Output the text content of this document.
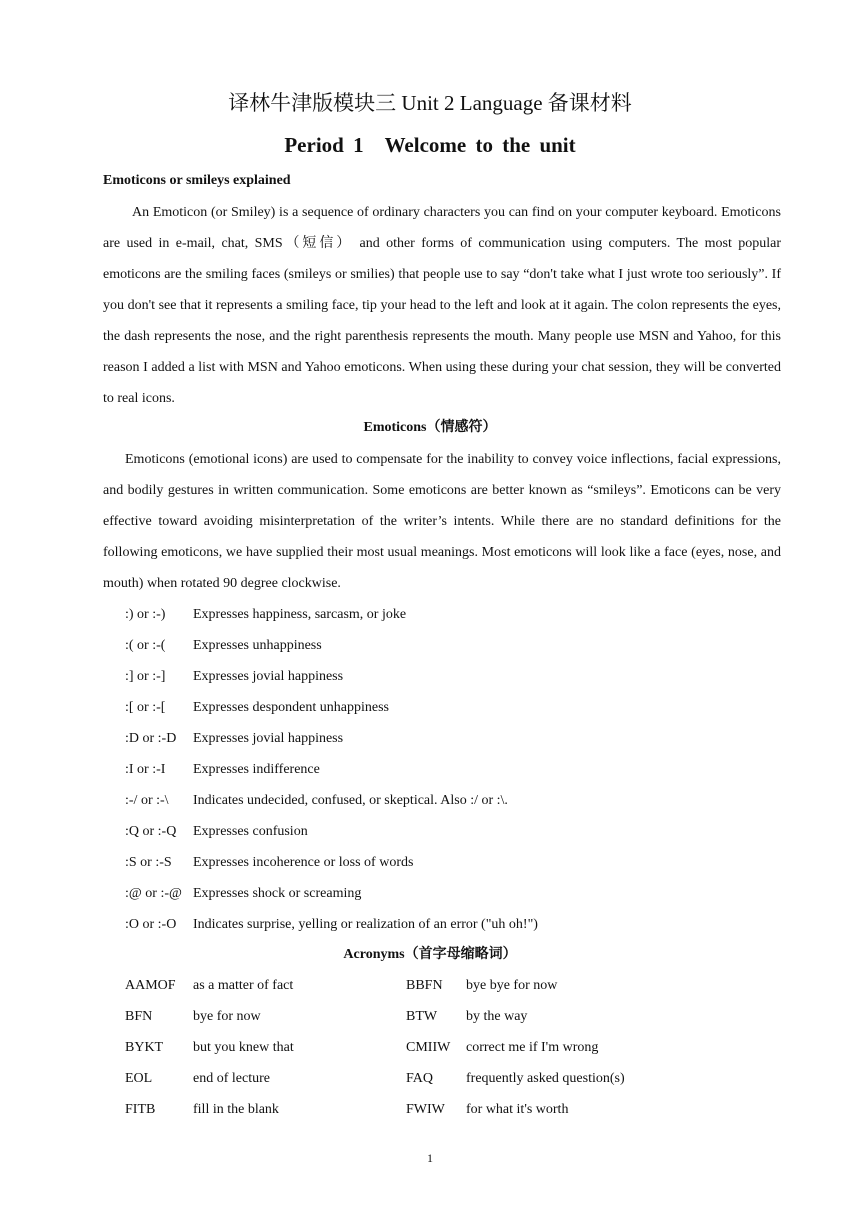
译林牛津版模块三 Unit 2 Language 备课材料
Period 1　Welcome to the unit
Emoticons or smileys explained

An Emoticon (or Smiley) is a sequence of ordinary characters you can find on your computer keyboard. Emoticons are used in e-mail, chat, SMS（短信） and other forms of communication using computers. The most popular emoticons are the smiling faces (smileys or smilies) that people use to say “don't take what I just wrote too seriously”. If you don't see that it represents a smiling face, tip your head to the left and look at it again. The colon represents the eyes, the dash represents the nose, and the right parenthesis represents the mouth. Many people use MSN and Yahoo, for this reason I added a list with MSN and Yahoo emoticons. When using these during your chat session, they will be converted to real icons.

Emoticons（情感符）

Emoticons (emotional icons) are used to compensate for the inability to convey voice inflections, facial expressions, and bodily gestures in written communication. Some emoticons are better known as “smileys”. Emoticons can be very effective toward avoiding misinterpretation of the writer’s intents. While there are no standard definitions for the following emoticons, we have supplied their most usual meanings. Most emoticons will look like a face (eyes, nose, and mouth) when rotated 90 degree clockwise.

:) or :-)	Expresses happiness, sarcasm, or joke
:( or :-(	Expresses unhappiness
:] or :-]	Expresses jovial happiness
:[ or :-[	Expresses despondent unhappiness
:D or :-D	Expresses jovial happiness
:I or :-I	Expresses indifference
:-/ or :-\	Indicates undecided, confused, or skeptical. Also :/ or :\.
:Q or :-Q	Expresses confusion
:S or :-S	Expresses incoherence or loss of words
:@ or :-@ Expresses shock or screaming
:O or :-O	Indicates surprise, yelling or realization of an error ("uh oh!")
Acronyms（首字母缩略词）
AAMOF	as a matter of fact	BBFN	bye bye for now
BFN	bye for now	BTW	by the way
BYKT	but you knew that	CMIIW	correct me if I'm wrong
EOL	end of lecture	FAQ	frequently asked question(s)
FITB	fill in the blank	FWIW	for what it's worth
1
